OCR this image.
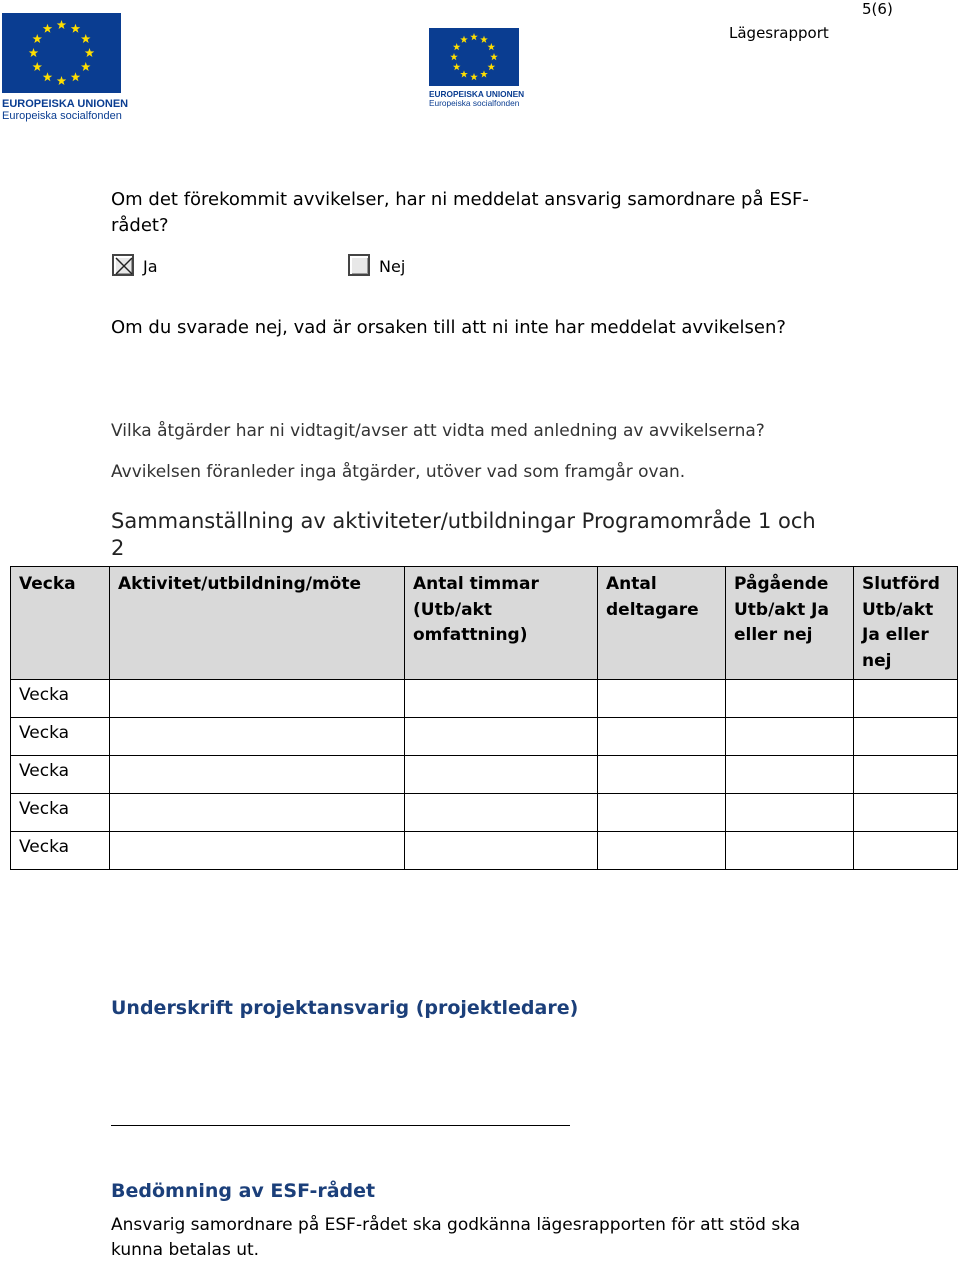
5(6)
Lägesrapport
EUROPEISKA UNIONEN
Europeiska socialfonden
EUROPEISKA UNIONEN
Europeiska socialfonden
Om det förekommit avvikelser, har ni meddelat ansvarig samordnare på ESF-
rådet?
Ja	Nej
Om du svarade nej, vad är orsaken till att ni inte har meddelat avvikelsen?
Vilka åtgärder har ni vidtagit/avser att vidta med anledning av avvikelserna?
Avvikelsen föranleder inga åtgärder, utöver vad som framgår ovan.
Sammanställning av aktiviteter/utbildningar Programområde 1 och
2
Vecka	Aktivitet/utbildning/möte	Antal timmar (Utb/akt omfattning)	Antal deltagare	Pågående Utb/akt Ja eller nej	Slutförd Utb/akt Ja eller nej
Vecka					
Vecka					
Vecka					
Vecka					
Vecka					
Underskrift projektansvarig (projektledare)
Bedömning av ESF-rådet
Ansvarig samordnare på ESF-rådet ska godkänna lägesrapporten för att stöd ska
kunna betalas ut.
